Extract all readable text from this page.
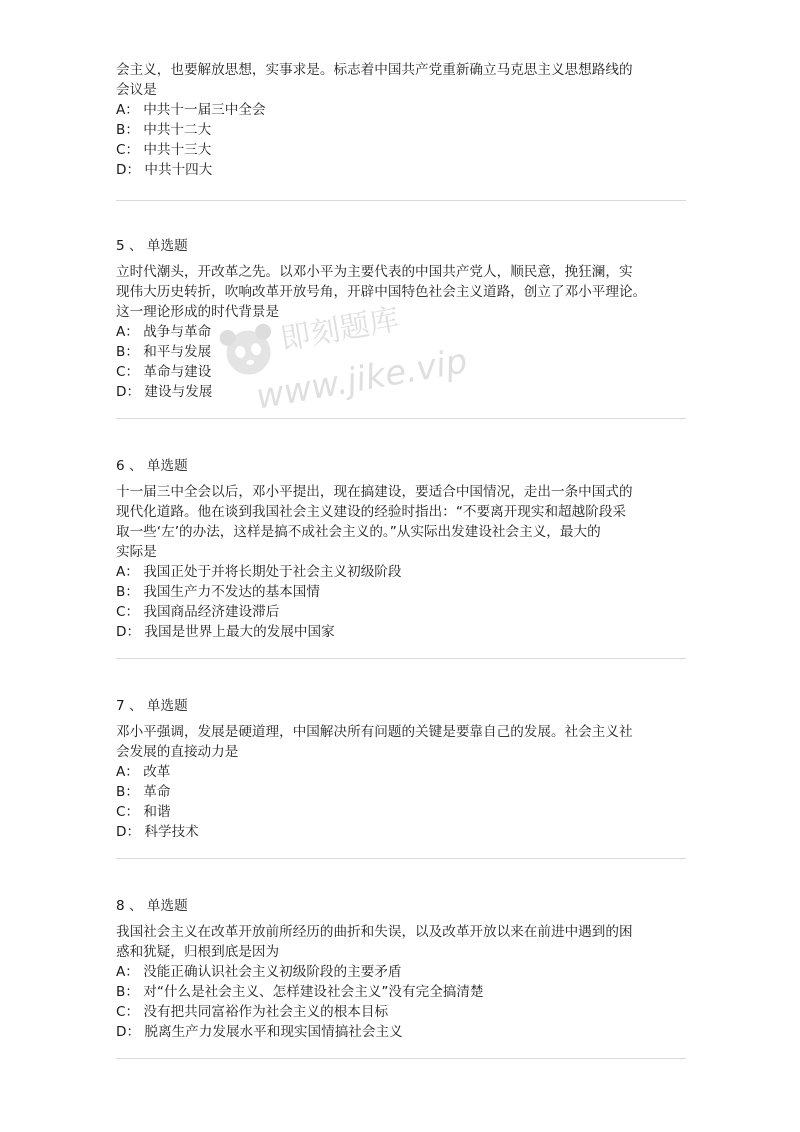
即刻题库
www.jike.vip
会主义，也要解放思想，实事求是。标志着中国共产党重新确立马克思主义思想路线的
会议是
A： 中共十一届三中全会
B： 中共十二大
C： 中共十三大
D： 中共十四大
5 、 单选题
立时代潮头，开改革之先。以邓小平为主要代表的中国共产党人，顺民意，挽狂澜，实
现伟大历史转折，吹响改革开放号角，开辟中国特色社会主义道路，创立了邓小平理论。
这一理论形成的时代背景是
A： 战争与革命
B： 和平与发展
C： 革命与建设
D： 建设与发展
6 、 单选题
十一届三中全会以后，邓小平提出，现在搞建设，要适合中国情况，走出一条中国式的
现代化道路。他在谈到我国社会主义建设的经验时指出：“不要离开现实和超越阶段采
取一些‘左’的办法，这样是搞不成社会主义的。”从实际出发建设社会主义，最大的
实际是
A： 我国正处于并将长期处于社会主义初级阶段
B： 我国生产力不发达的基本国情
C： 我国商品经济建设滞后
D： 我国是世界上最大的发展中国家
7 、 单选题
邓小平强调，发展是硬道理，中国解决所有问题的关键是要靠自己的发展。社会主义社
会发展的直接动力是
A： 改革
B： 革命
C： 和谐
D： 科学技术
8 、 单选题
我国社会主义在改革开放前所经历的曲折和失误，以及改革开放以来在前进中遇到的困
惑和犹疑，归根到底是因为
A： 没能正确认识社会主义初级阶段的主要矛盾
B： 对“什么是社会主义、怎样建设社会主义”没有完全搞清楚
C： 没有把共同富裕作为社会主义的根本目标
D： 脱离生产力发展水平和现实国情搞社会主义
